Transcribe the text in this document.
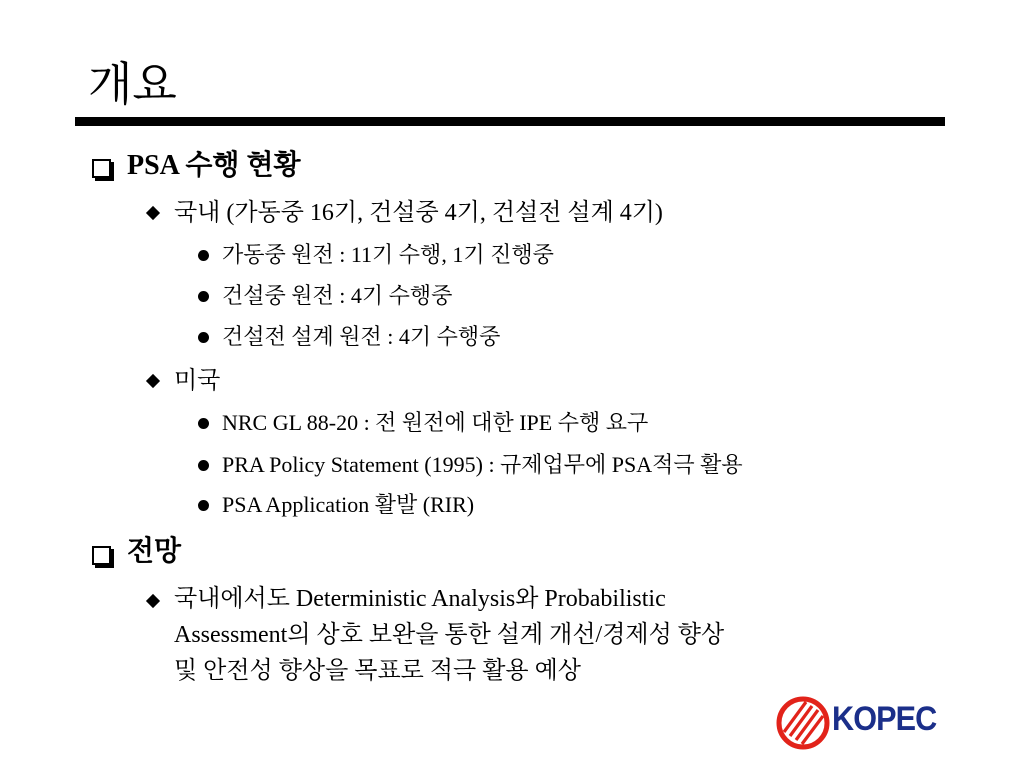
개요
PSA 수행 현황
국내 (가동중 16기, 건설중 4기, 건설전 설계 4기)
가동중 원전 : 11기 수행, 1기 진행중
건설중 원전 : 4기 수행중
건설전 설계 원전 : 4기 수행중
미국
NRC GL 88-20 : 전 원전에 대한 IPE 수행 요구
PRA Policy Statement (1995) : 규제업무에 PSA적극 활용
PSA Application 활발 (RIR)
전망
국내에서도 Deterministic Analysis와 Probabilistic
Assessment의 상호 보완을 통한 설계 개선/경제성 향상
및 안전성 향상을 목표로 적극 활용 예상
KOPEC
